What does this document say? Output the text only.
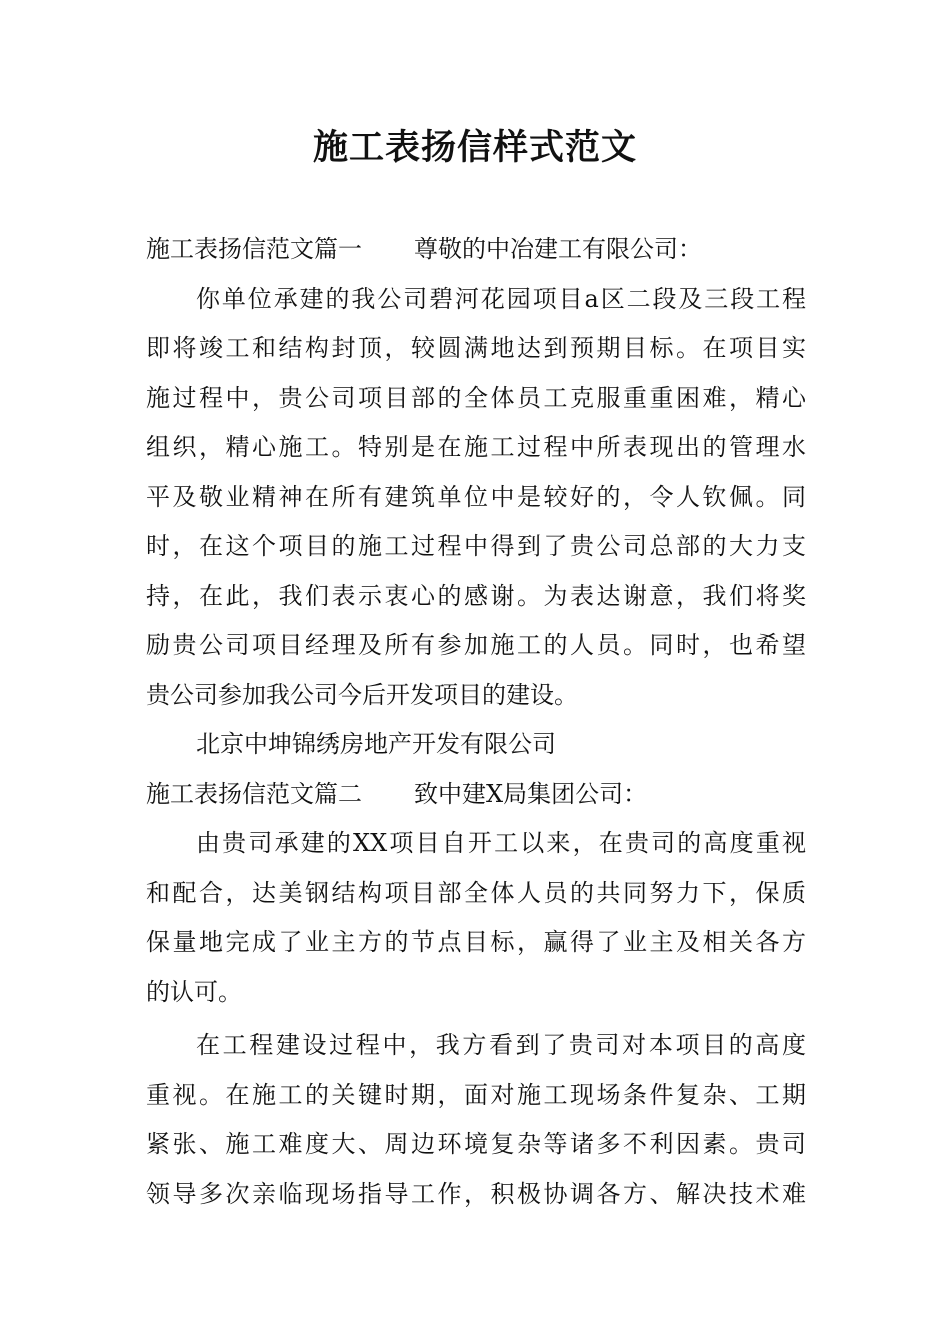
施工表扬信样式范文
施工表扬信范文篇一 尊敬的中冶建工有限公司：
你单位承建的我公司碧河花园项目a区二段及三段工程
即将竣工和结构封顶，较圆满地达到预期目标。在项目实
施过程中，贵公司项目部的全体员工克服重重困难，精心
组织，精心施工。特别是在施工过程中所表现出的管理水
平及敬业精神在所有建筑单位中是较好的，令人钦佩。同
时，在这个项目的施工过程中得到了贵公司总部的大力支
持，在此，我们表示衷心的感谢。为表达谢意，我们将奖
励贵公司项目经理及所有参加施工的人员。同时，也希望
贵公司参加我公司今后开发项目的建设。
北京中坤锦绣房地产开发有限公司
施工表扬信范文篇二 致中建X局集团公司：
由贵司承建的XX项目自开工以来，在贵司的高度重视
和配合，达美钢结构项目部全体人员的共同努力下，保质
保量地完成了业主方的节点目标，赢得了业主及相关各方
的认可。
在工程建设过程中，我方看到了贵司对本项目的高度
重视。在施工的关键时期，面对施工现场条件复杂、工期
紧张、施工难度大、周边环境复杂等诸多不利因素。贵司
领导多次亲临现场指导工作，积极协调各方、解决技术难
